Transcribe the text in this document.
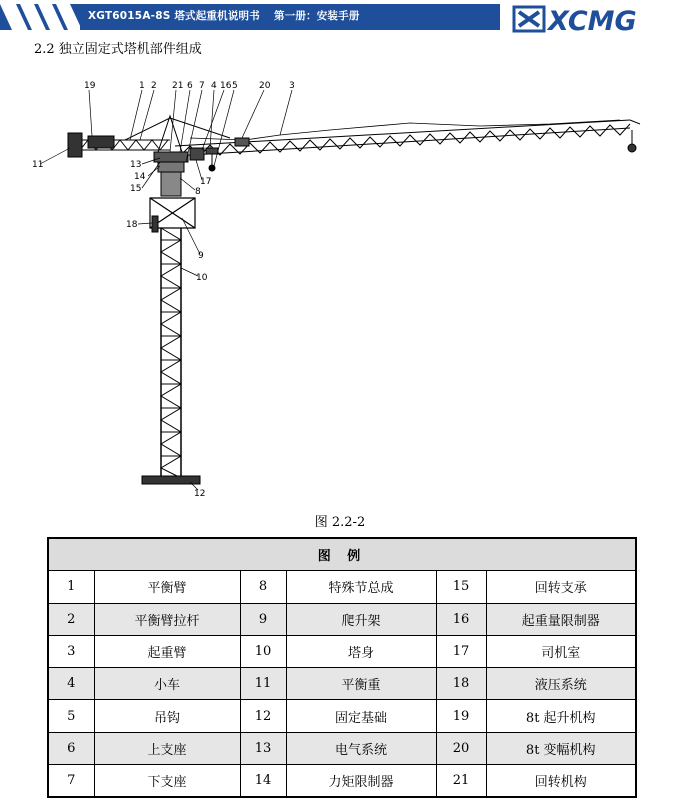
XGT6015A-8S 塔式起重机说明书 第一册：安装手册	XCMG
2.2 独立固定式塔机部件组成
19	1 2 21 6 7 4 16 5 20 3
11	13
14
15
17
8
18
9
10
12
图 2.2-2
图 例					
1	平衡臂	8	特殊节总成	15	回转支承
2	平衡臂拉杆	9	爬升架	16	起重量限制器
3	起重臂	10	塔身	17	司机室
4	小车	11	平衡重	18	液压系统
5	吊钩	12	固定基础	19	8t 起升机构
6	上支座	13	电气系统	20	8t 变幅机构
7	下支座	14	力矩限制器	21	回转机构
